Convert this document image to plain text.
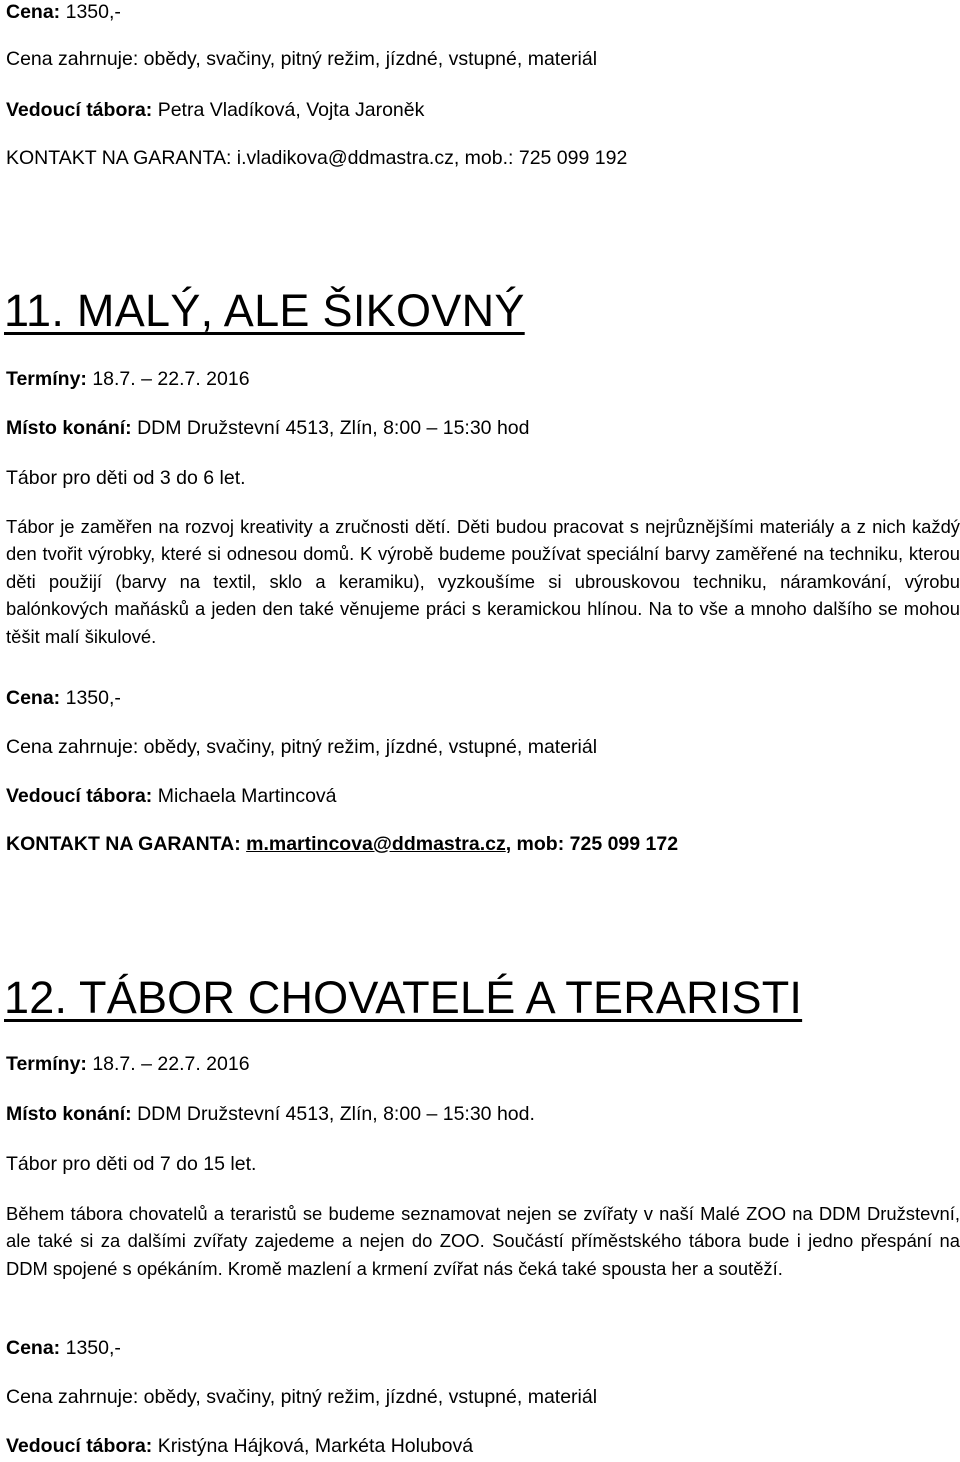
Cena: 1350,-
Cena zahrnuje: obědy, svačiny, pitný režim, jízdné, vstupné, materiál
Vedoucí tábora: Petra Vladíková, Vojta Jaroněk
KONTAKT NA GARANTA: i.vladikova@ddmastra.cz, mob.: 725 099 192
11. MALÝ, ALE ŠIKOVNÝ
Termíny: 18.7. – 22.7. 2016
Místo konání: DDM Družstevní 4513, Zlín, 8:00 – 15:30 hod
Tábor pro děti od 3 do 6 let.
Tábor je zaměřen na rozvoj kreativity a zručnosti dětí. Děti budou pracovat s nejrůznějšími materiály a z nich každý den tvořit výrobky, které si odnesou domů. K výrobě budeme používat speciální barvy zaměřené na techniku, kterou děti použijí (barvy na textil, sklo a keramiku), vyzkoušíme si ubrouskovou techniku, náramkování, výrobu balónkových maňásků a jeden den také věnujeme práci s keramickou hlínou. Na to vše a mnoho dalšího se mohou těšit malí šikulové.
Cena: 1350,-
Cena zahrnuje: obědy, svačiny, pitný režim, jízdné, vstupné, materiál
Vedoucí tábora: Michaela Martincová
KONTAKT NA GARANTA: m.martincova@ddmastra.cz, mob: 725 099 172
12. TÁBOR CHOVATELÉ A TERARISTI
Termíny: 18.7. – 22.7. 2016
Místo konání: DDM Družstevní 4513, Zlín, 8:00 – 15:30 hod.
Tábor pro děti od 7 do 15 let.
Během tábora chovatelů a teraristů se budeme seznamovat nejen se zvířaty v naší Malé ZOO na DDM Družstevní, ale také si za dalšími zvířaty zajedeme a nejen do ZOO. Součástí příměstského tábora bude i jedno přespání na DDM spojené s opékáním. Kromě mazlení a krmení zvířat nás čeká také spousta her a soutěží.
Cena: 1350,-
Cena zahrnuje: obědy, svačiny, pitný režim, jízdné, vstupné, materiál
Vedoucí tábora: Kristýna Hájková, Markéta Holubová
